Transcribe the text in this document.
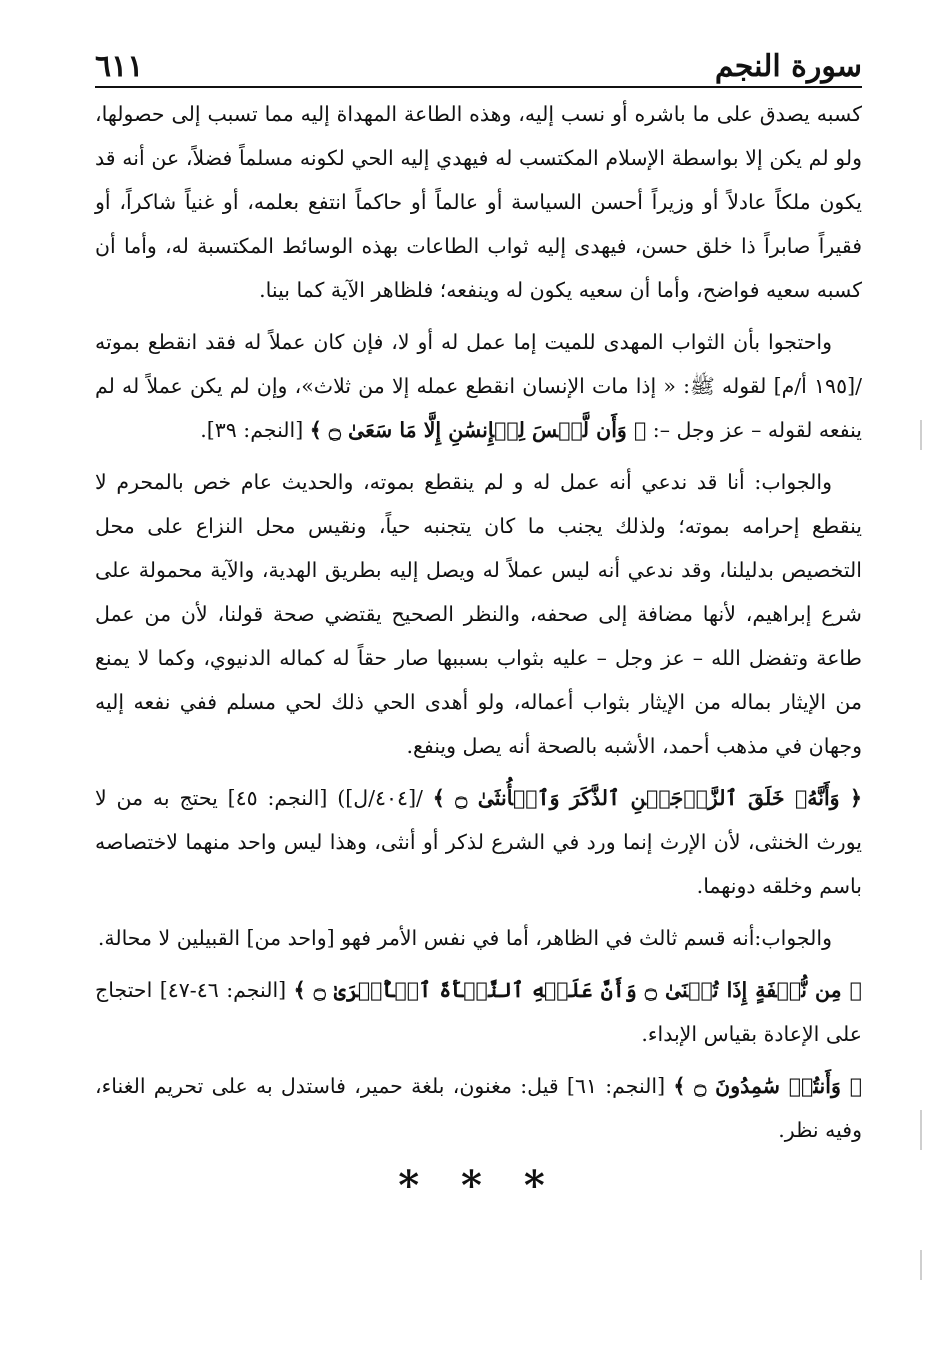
سورة النجم
٦١١

كسبه يصدق على ما باشره أو نسب إليه، وهذه الطاعة المهداة إليه مما تسبب إلى حصولها، ولو لم يكن إلا بواسطة الإسلام المكتسب له فيهدي إليه الحي لكونه مسلماً فضلاً، عن أنه قد يكون ملكاً عادلاً أو وزيراً أحسن السياسة أو عالماً أو حاكماً انتفع بعلمه، أو غنياً شاكراً، أو فقيراً صابراً ذا خلق حسن، فيهدى إليه ثواب الطاعات بهذه الوسائط المكتسبة له، وأما أن كسبه سعيه فواضح، وأما أن سعيه يكون له وينفعه؛ فلظاهر الآية كما بينا.

واحتجوا بأن الثواب المهدى للميت إما عمل له أو لا، فإن كان عملاً له فقد انقطع بموته /[١٩٥ أ/م] لقوله ﷺ: « إذا مات الإنسان انقطع عمله إلا من ثلاث»، وإن لم يكن عملاً له لم ينفعه لقوله – عز وجل –: ﴿ وَأَن لَّيۡسَ لِلۡإِنسَٰنِ إِلَّا مَا سَعَىٰ ۝ ﴾ [النجم: ٣٩].

والجواب: أنا قد ندعي أنه عمل له و لم ينقطع بموته، والحديث عام خص بالمحرم لا ينقطع إحرامه بموته؛ ولذلك يجنب ما كان يتجنبه حياً، ونقيس محل النزاع على محل التخصيص بدليلنا، وقد ندعي أنه ليس عملاً له ويصل إليه بطريق الهدية، والآية محمولة على شرع إبراهيم، لأنها مضافة إلى صحفه، والنظر الصحيح يقتضي صحة قولنا، لأن من عمل طاعة وتفضل الله – عز وجل – عليه بثواب بسببها صار حقاً له كماله الدنيوي، وكما لا يمنع من الإيثار بماله من الإيثار بثواب أعماله، ولو أهدى الحي ذلك لحي مسلم ففي نفعه إليه وجهان في مذهب أحمد، الأشبه بالصحة أنه يصل وينفع.

﴿ وَأَنَّهُۥ خَلَقَ ٱلزَّوۡجَيۡنِ ٱلذَّكَرَ وَٱلۡأُنثَىٰ ۝ ﴾ /[٤٠٤/ل]) [النجم: ٤٥] يحتج به من لا يورث الخنثى، لأن الإرث إنما ورد في الشرع لذكر أو أنثى، وهذا ليس واحد منهما لاختصاصه باسم وخلقه دونهما.

والجواب:أنه قسم ثالث في الظاهر، أما في نفس الأمر فهو [واحد من] القبيلين لا محالة.

﴿ مِن نُّطۡفَةٍ إِذَا تُمۡنَىٰ ۝ وَأَنَّ عَلَيۡهِ ٱلنَّشۡأَةَ ٱلۡأُخۡرَىٰ ۝ ﴾ [النجم: ٤٦-٤٧] احتجاج على الإعادة بقياس الإبداء.

﴿ وَأَنتُمۡ سَٰمِدُونَ ۝ ﴾ [النجم: ٦١] قيل: مغنون، بلغة حمير، فاستدل به على تحريم الغناء، وفيه نظر.

* * *
